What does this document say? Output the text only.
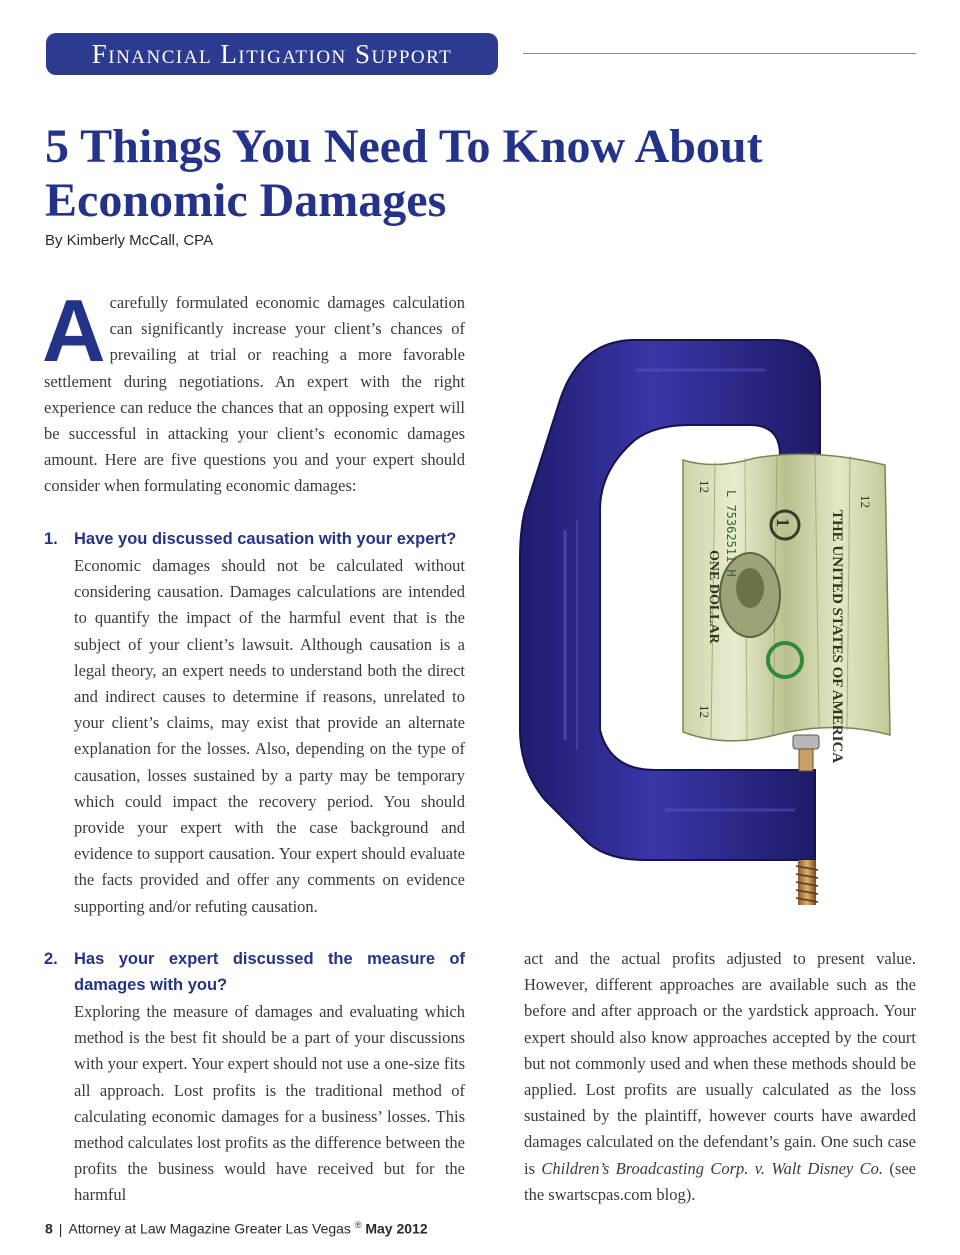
Financial Litigation Support
5 Things You Need To Know About Economic Damages
By Kimberly McCall, CPA
A carefully formulated economic damages calculation can significantly increase your client’s chances of prevailing at trial or reaching a more favorable settlement during negotiations. An expert with the right experience can reduce the chances that an opposing expert will be successful in attacking your client’s economic damages amount. Here are five questions you and your expert should consider when formulating economic damages:
1. Have you discussed causation with your expert?
Economic damages should not be calculated without considering causation. Damages calculations are intended to quantify the impact of the harmful event that is the subject of your client’s lawsuit. Although causation is a legal theory, an expert needs to understand both the direct and indirect causes to determine if reasons, unrelated to your client’s claims, may exist that provide an alternate explanation for the losses. Also, depending on the type of causation, losses sustained by a party may be temporary which could impact the recovery period. You should provide your expert with the case background and evidence to support causation. Your expert should evaluate the facts provided and offer any comments on evidence supporting and/or refuting causation.
2. Has your expert discussed the measure of
damages with you?
Exploring the measure of damages and evaluating which method is the best fit should be a part of your discussions with your expert. Your expert should not use a one-size fits all approach. Lost profits is the traditional method of calculating economic damages for a business’ losses. This method calculates lost profits as the difference between the profits the business would have received but for the harmful
act and the actual profits adjusted to present value. However, different approaches are available such as the before and after approach or the yardstick approach. Your expert should also know approaches accepted by the court but not commonly used and when these methods should be applied. Lost profits are usually calculated as the loss sustained by the plaintiff, however courts have awarded damages calculated on the defendant’s gain. One such case is Children’s Broadcasting Corp. v. Walt Disney Co. (see the swartscpas.com blog).
THE UNITED STATES OF AMERICA
ONE DOLLAR
L 75362511 H
12
12
12
1
8 | Attorney at Law Magazine Greater Las Vegas ® May 2012
